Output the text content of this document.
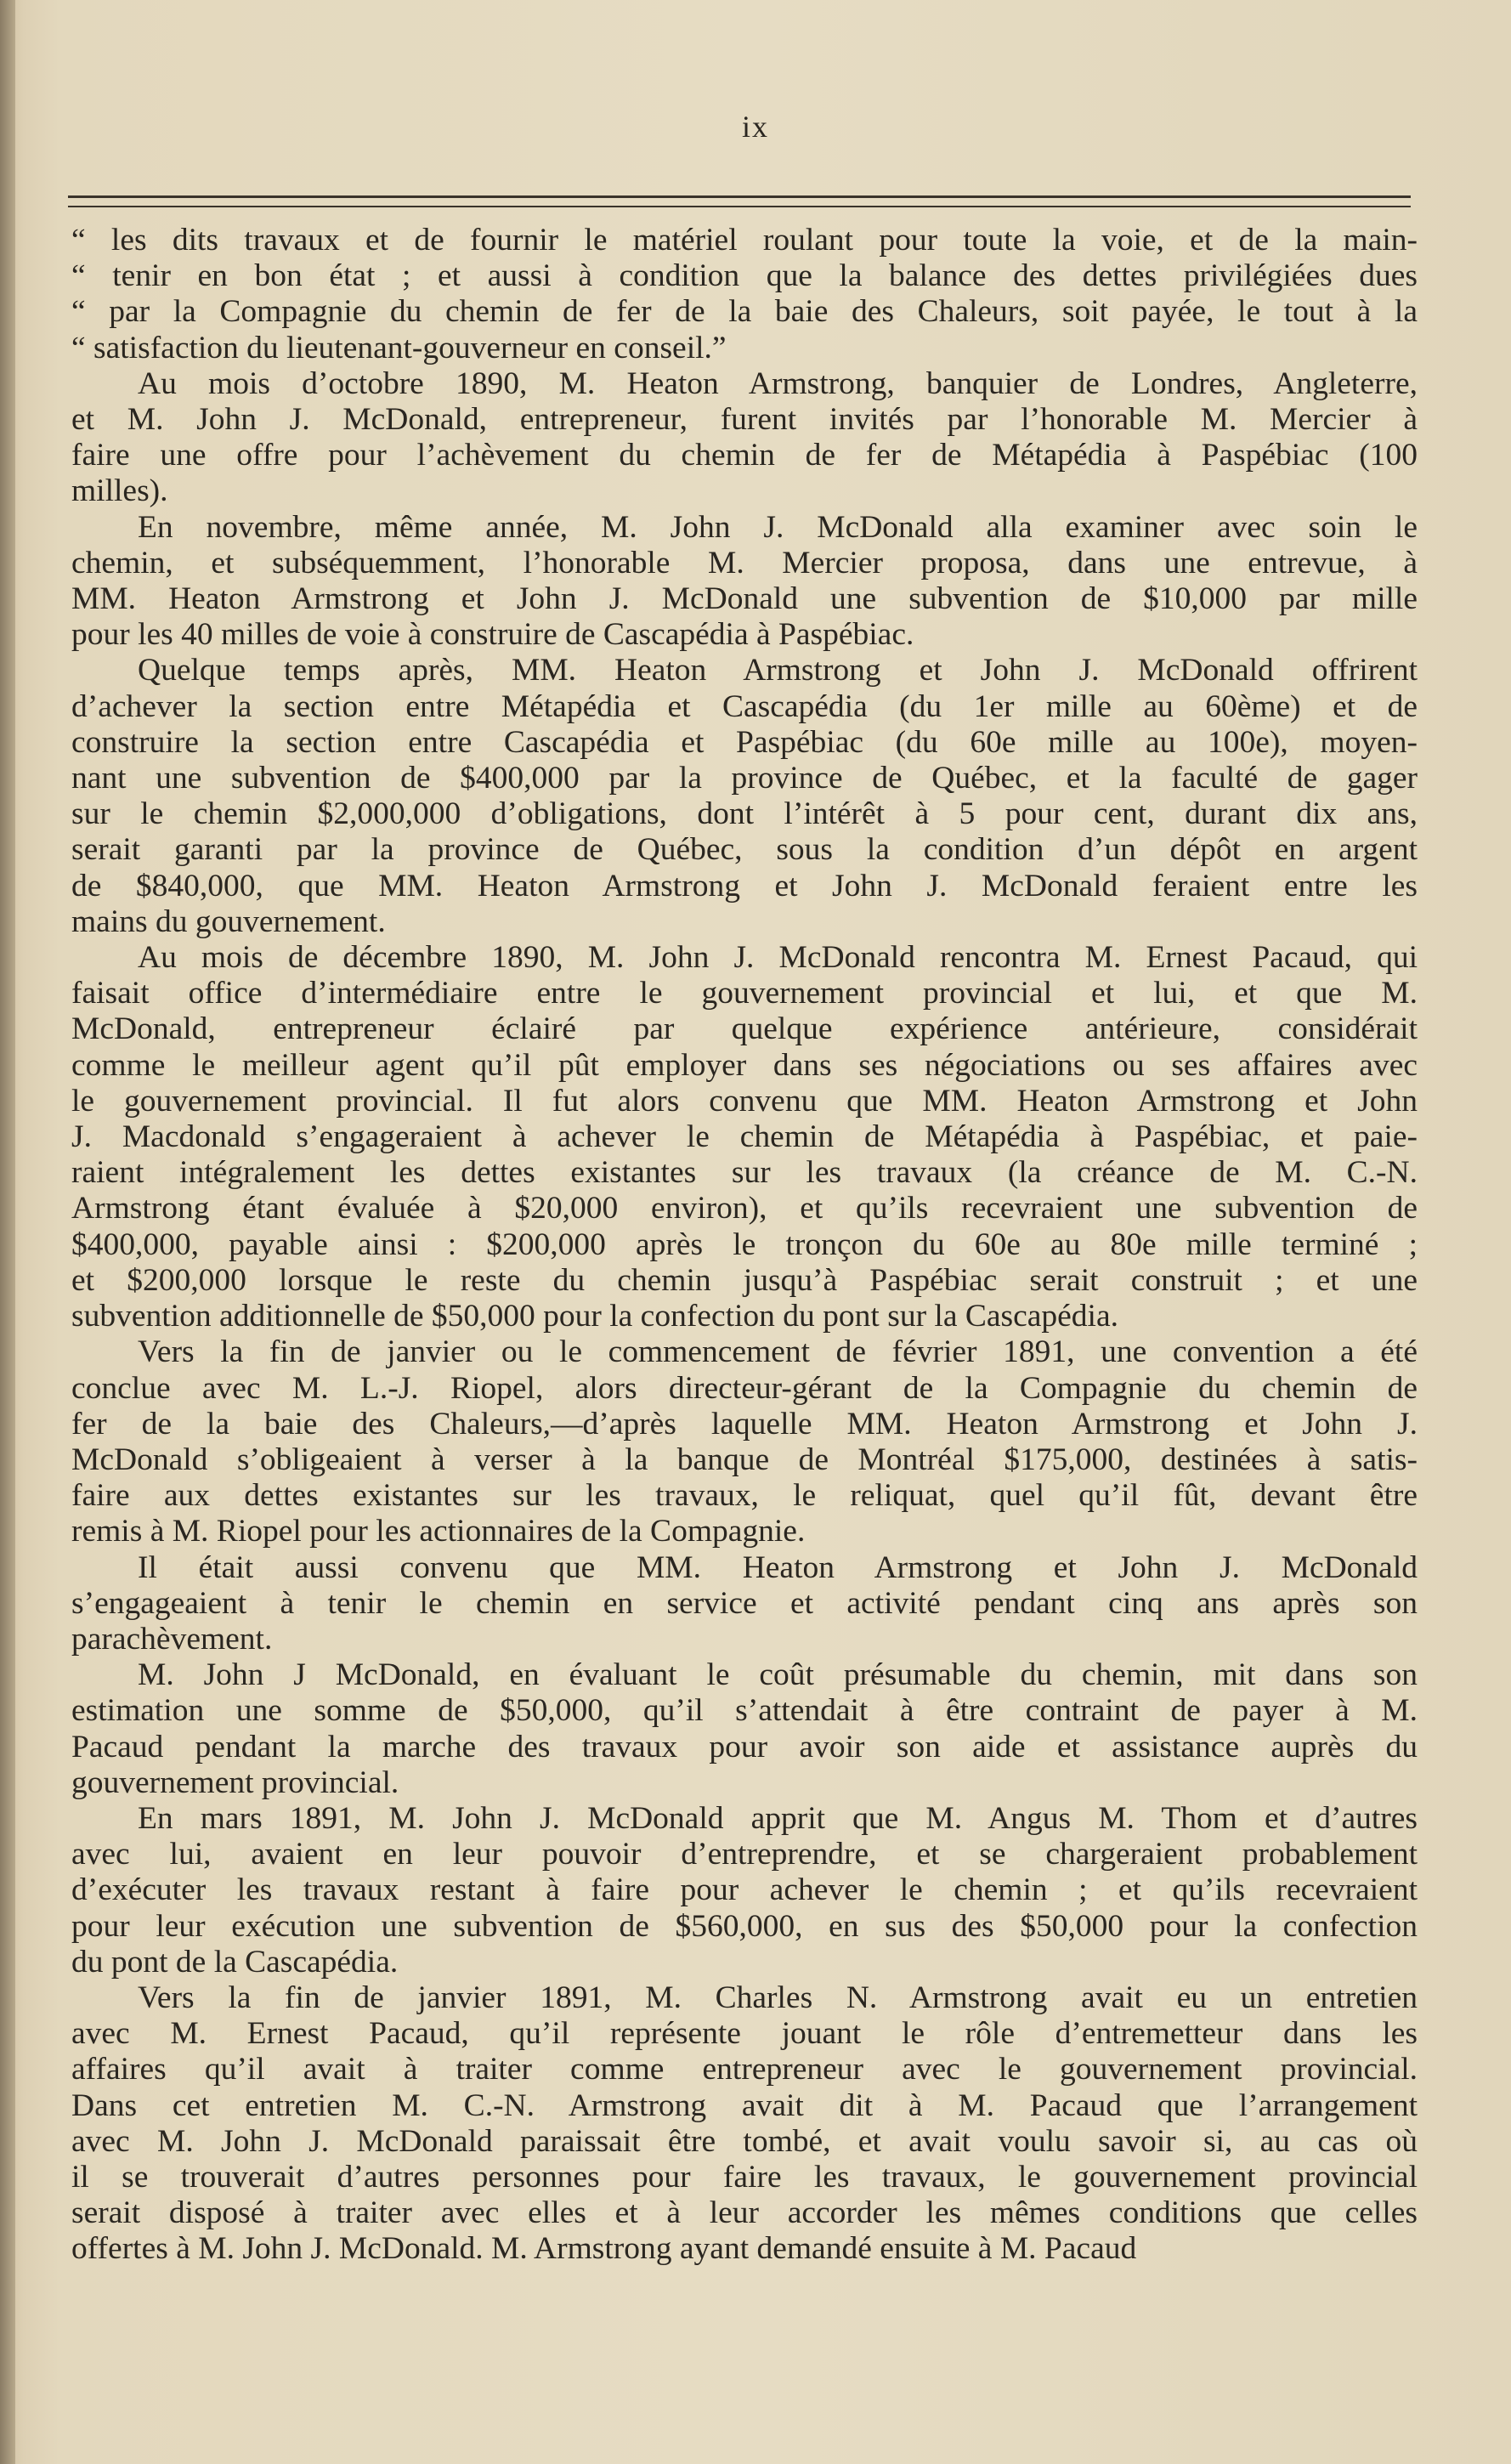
ix

“ les dits travaux et de fournir le matériel roulant pour toute la voie, et de la main-

“ tenir en bon état ; et aussi à condition que la balance des dettes privilégiées dues

“ par la Compagnie du chemin de fer de la baie des Chaleurs, soit payée, le tout à la

“ satisfaction du lieutenant-gouverneur en conseil.”

Au mois d’octobre 1890, M. Heaton Armstrong, banquier de Londres, Angleterre,

et M. John J. McDonald, entrepreneur, furent invités par l’honorable M. Mercier à

faire une offre pour l’achèvement du chemin de fer de Métapédia à Paspébiac (100

milles).

En novembre, même année, M. John J. McDonald alla examiner avec soin le

chemin, et subséquemment, l’honorable M. Mercier proposa, dans une entrevue, à

MM. Heaton Armstrong et John J. McDonald une subvention de $10,000 par mille

pour les 40 milles de voie à construire de Cascapédia à Paspébiac.

Quelque temps après, MM. Heaton Armstrong et John J. McDonald offrirent

d’achever la section entre Métapédia et Cascapédia (du 1er mille au 60ème) et de

construire la section entre Cascapédia et Paspébiac (du 60e mille au 100e), moyen-

nant une subvention de $400,000 par la province de Québec, et la faculté de gager

sur le chemin $2,000,000 d’obligations, dont l’intérêt à 5 pour cent, durant dix ans,

serait garanti par la province de Québec, sous la condition d’un dépôt en argent

de $840,000, que MM. Heaton Armstrong et John J. McDonald feraient entre les

mains du gouvernement.

Au mois de décembre 1890, M. John J. McDonald rencontra M. Ernest Pacaud, qui

faisait office d’intermédiaire entre le gouvernement provincial et lui, et que M.

McDonald, entrepreneur éclairé par quelque expérience antérieure, considérait

comme le meilleur agent qu’il pût employer dans ses négociations ou ses affaires avec

le gouvernement provincial. Il fut alors convenu que MM. Heaton Armstrong et John

J. Macdonald s’engageraient à achever le chemin de Métapédia à Paspébiac, et paie-

raient intégralement les dettes existantes sur les travaux (la créance de M. C.-N.

Armstrong étant évaluée à $20,000 environ), et qu’ils recevraient une subvention de

$400,000, payable ainsi : $200,000 après le tronçon du 60e au 80e mille terminé ;

et $200,000 lorsque le reste du chemin jusqu’à Paspébiac serait construit ; et une

subvention additionnelle de $50,000 pour la confection du pont sur la Cascapédia.

Vers la fin de janvier ou le commencement de février 1891, une convention a été

conclue avec M. L.-J. Riopel, alors directeur-gérant de la Compagnie du chemin de

fer de la baie des Chaleurs,—d’après laquelle MM. Heaton Armstrong et John J.

McDonald s’obligeaient à verser à la banque de Montréal $175,000, destinées à satis-

faire aux dettes existantes sur les travaux, le reliquat, quel qu’il fût, devant être

remis à M. Riopel pour les actionnaires de la Compagnie.

Il était aussi convenu que MM. Heaton Armstrong et John J. McDonald

s’engageaient à tenir le chemin en service et activité pendant cinq ans après son

parachèvement.

M. John J McDonald, en évaluant le coût présumable du chemin, mit dans son

estimation une somme de $50,000, qu’il s’attendait à être contraint de payer à M.

Pacaud pendant la marche des travaux pour avoir son aide et assistance auprès du

gouvernement provincial.

En mars 1891, M. John J. McDonald apprit que M. Angus M. Thom et d’autres

avec lui, avaient en leur pouvoir d’entreprendre, et se chargeraient probablement

d’exécuter les travaux restant à faire pour achever le chemin ; et qu’ils recevraient

pour leur exécution une subvention de $560,000, en sus des $50,000 pour la confection

du pont de la Cascapédia.

Vers la fin de janvier 1891, M. Charles N. Armstrong avait eu un entretien

avec M. Ernest Pacaud, qu’il représente jouant le rôle d’entremetteur dans les

affaires qu’il avait à traiter comme entrepreneur avec le gouvernement provincial.

Dans cet entretien M. C.-N. Armstrong avait dit à M. Pacaud que l’arrangement

avec M. John J. McDonald paraissait être tombé, et avait voulu savoir si, au cas où

il se trouverait d’autres personnes pour faire les travaux, le gouvernement provincial

serait disposé à traiter avec elles et à leur accorder les mêmes conditions que celles

offertes à M. John J. McDonald. M. Armstrong ayant demandé ensuite à M. Pacaud
